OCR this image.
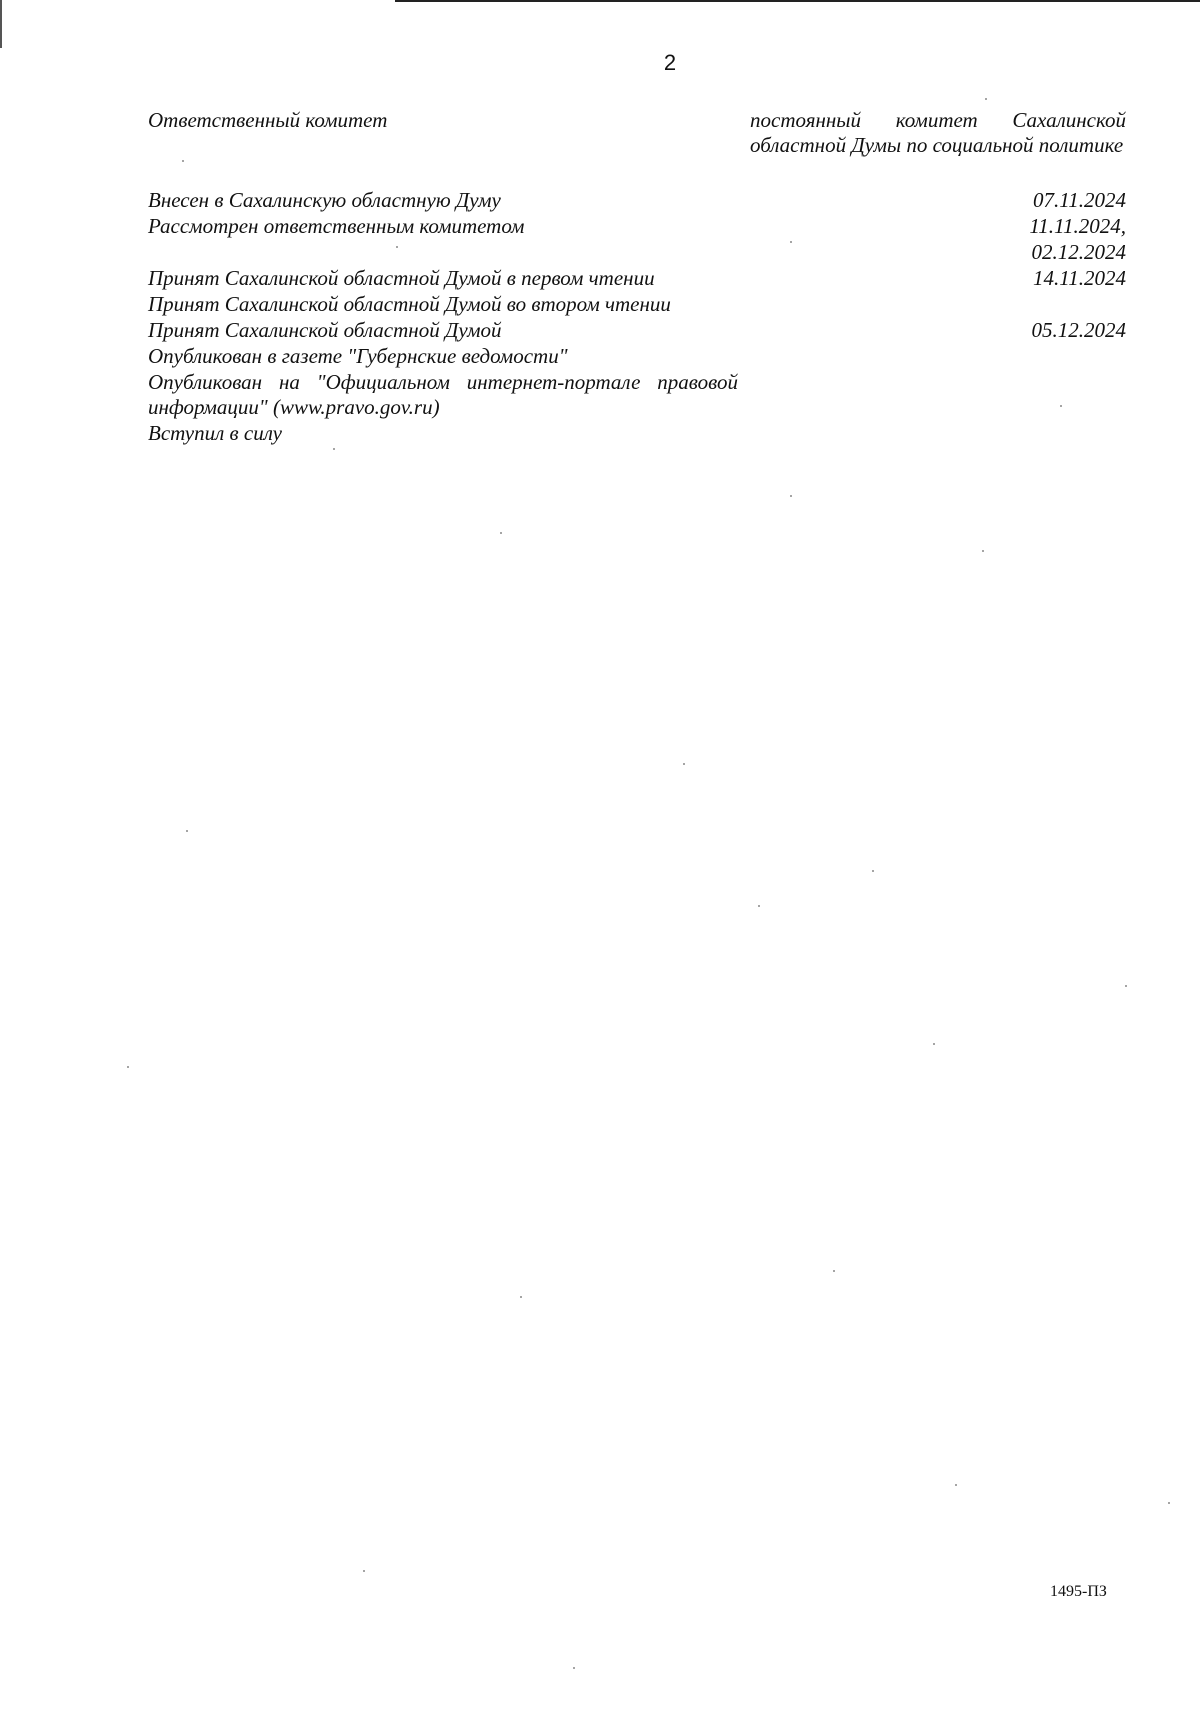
2
Ответственный комитет	постоянный комитет Сахалинской областной Думы по социальной политике
Внесен в Сахалинскую областную Думу	07.11.2024
Рассмотрен ответственным комитетом	11.11.2024,
02.12.2024
Принят Сахалинской областной Думой в первом чтении	14.11.2024
Принят Сахалинской областной Думой во втором чтении
Принят Сахалинской областной Думой	05.12.2024
Опубликован в газете "Губернские ведомости"
Опубликован на "Официальном интернет-портале правовой информации" (www.pravo.gov.ru)
Вступил в силу
1495-ПЗ
